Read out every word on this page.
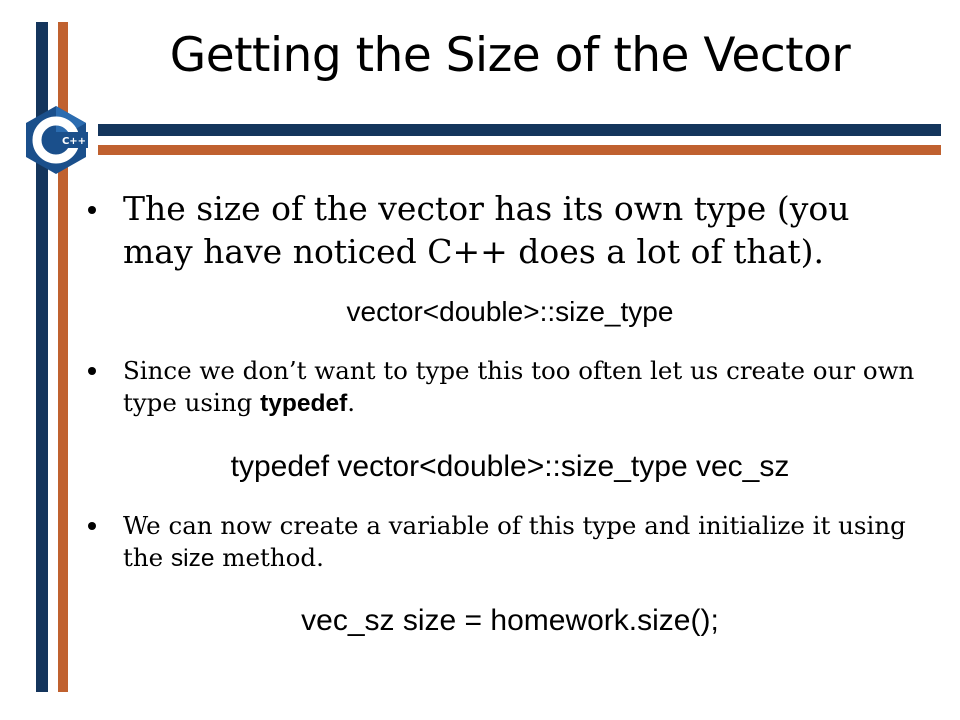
C++
Getting the Size of the Vector
The size of the vector has its own type (you may have noticed C++ does a lot of that).
vector<double>::size_type
Since we don’t want to type this too often let us create our own type using typedef.
typedef vector<double>::size_type vec_sz
We can now create a variable of this type and initialize it using the size method.
vec_sz size = homework.size();
